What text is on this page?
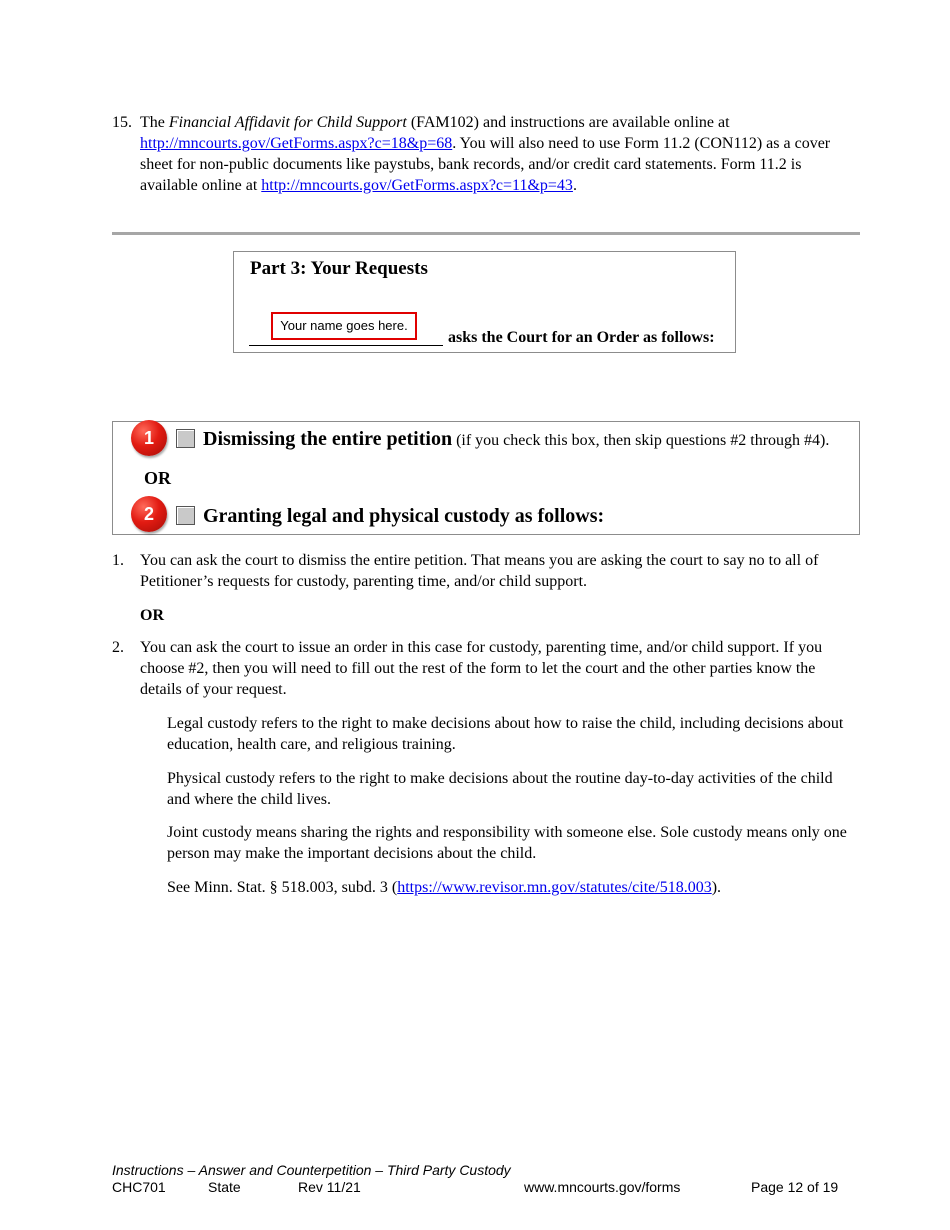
15. The Financial Affidavit for Child Support (FAM102) and instructions are available online at
http://mncourts.gov/GetForms.aspx?c=18&p=68. You will also need to use Form 11.2 (CON112) as a cover sheet for non-public documents like paystubs, bank records, and/or credit card statements. Form 11.2 is available online at http://mncourts.gov/GetForms.aspx?c=11&p=43.
Part 3: Your Requests
Your name goes here.
asks the Court for an Order as follows:
1	Dismissing the entire petition (if you check this box, then skip questions #2 through #4).
OR
2	Granting legal and physical custody as follows:
1. You can ask the court to dismiss the entire petition. That means you are asking the court to say no to all of Petitioner’s requests for custody, parenting time, and/or child support.
OR
2. You can ask the court to issue an order in this case for custody, parenting time, and/or child support. If you choose #2, then you will need to fill out the rest of the form to let the court and the other parties know the details of your request.
Legal custody refers to the right to make decisions about how to raise the child, including decisions about education, health care, and religious training.
Physical custody refers to the right to make decisions about the routine day-to-day activities of the child and where the child lives.
Joint custody means sharing the rights and responsibility with someone else. Sole custody means only one person may make the important decisions about the child.
See Minn. Stat. § 518.003, subd. 3 (https://www.revisor.mn.gov/statutes/cite/518.003).
Instructions – Answer and Counterpetition – Third Party Custody
CHC701	State	Rev 11/21	www.mncourts.gov/forms	Page 12 of 19
